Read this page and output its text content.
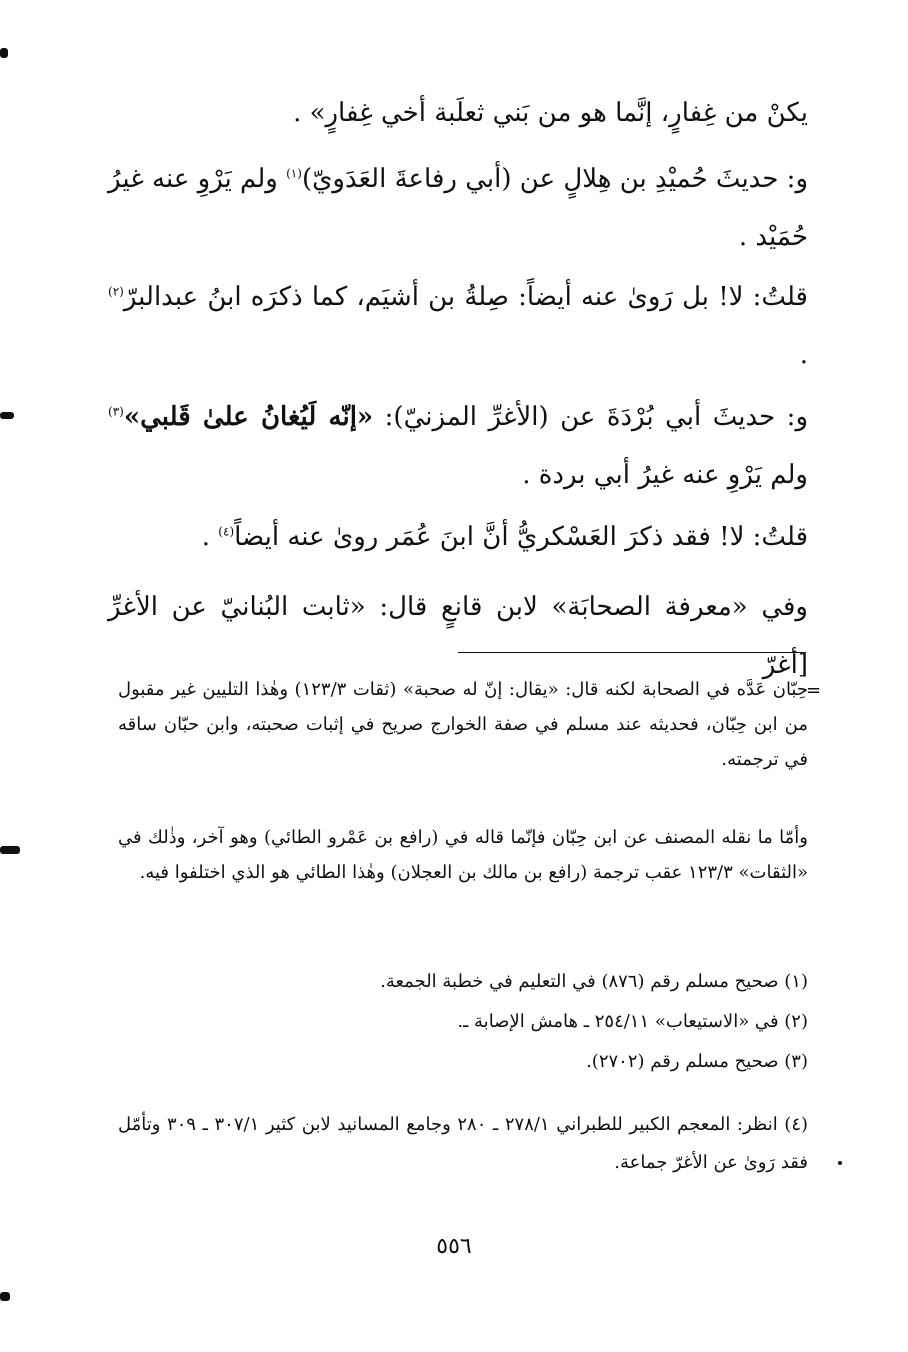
يكنْ من غِفارٍ، إنَّما هو من بَني ثعلَبة أخي غِفارٍ» .

و: حديثَ حُميْدِ بن هِلالٍ عن (أبي رفاعةَ العَدَويّ)$^{(١)}$ ولم يَرْوِ عنه غيرُ حُمَيْد .

قلتُ: لا! بل رَوىٰ عنه أيضاً: صِلةُ بن أشيَم، كما ذكرَه ابنُ عبدالبرّ$^{(٢)}$ .

و: حديثَ أبي بُرْدَةَ عن (الأغرِّ المزنيّ): «إنّه لَيُغانُ علىٰ قَلبي»$^{(٣)}$ ولم يَرْوِ عنه غيرُ أبي بردة .

قلتُ: لا! فقد ذكرَ العَسْكريُّ أنَّ ابنَ عُمَر روىٰ عنه أيضاً$^{(٤)}$ .

وفي «معرفة الصحابَة» لابن قانعٍ قال: «ثابت البُنانيّ عن الأغرِّ [أغرّ

=

حِبّان عَدَّه في الصحابة لكنه قال: «يقال: إنّ له صحبة» (ثقات ١٢٣/٣) وهٰذا التليين غير مقبول من ابن حِبّان، فحديثه عند مسلم في صفة الخوارج صريح في إثبات صحبته، وابن حبّان ساقه في ترجمته.

وأمّا ما نقله المصنف عن ابن حِبّان فإنّما قاله في (رافع بن عَمْرو الطائي) وهو آخر، وذٰلك في «الثقات» ١٢٣/٣ عقب ترجمة (رافع بن مالك بن العجلان) وهٰذا الطائي هو الذي اختلفوا فيه.

(١) صحيح مسلم رقم (٨٧٦) في التعليم في خطبة الجمعة.
(٢) في «الاستيعاب» ٢٥٤/١١ ـ هامش الإصابة ـ.
(٣) صحيح مسلم رقم (٢٧٠٢).

(٤) انظر: المعجم الكبير للطبراني ٢٧٨/١ ـ ٢٨٠ وجامع المسانيد لابن كثير ٣٠٧/١ ـ ٣٠٩ وتأمّل فقد رَوىٰ عن الأغرّ جماعة.

٥٥٦
